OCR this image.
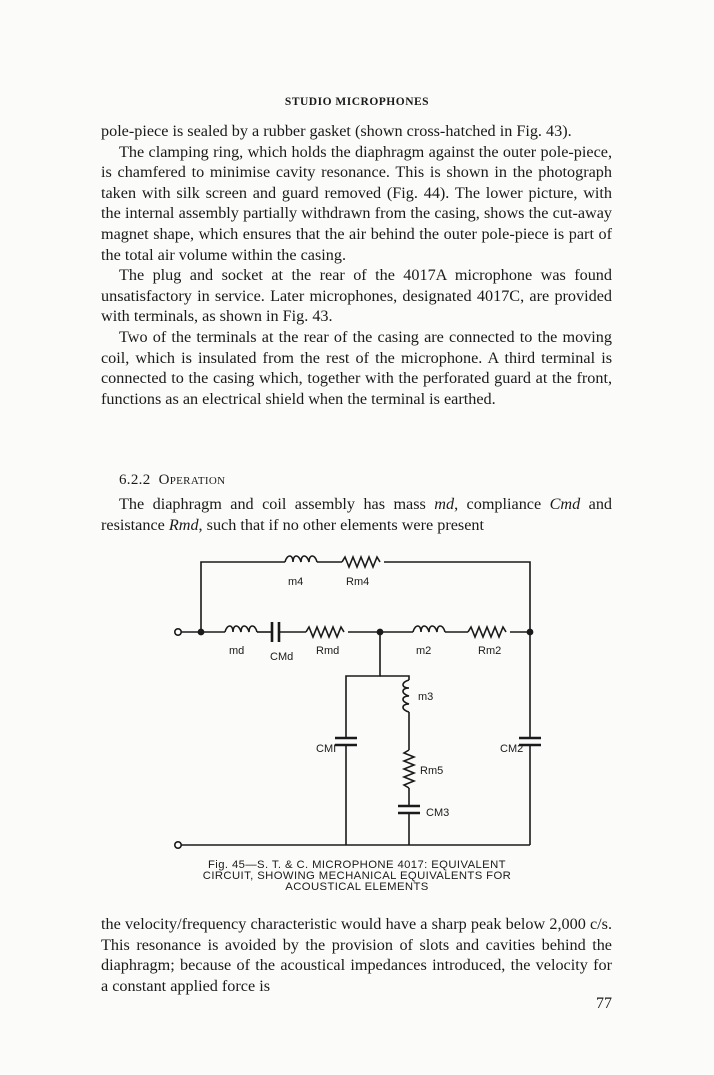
STUDIO MICROPHONES

pole-piece is sealed by a rubber gasket (shown cross-hatched in Fig. 43).

The clamping ring, which holds the diaphragm against the outer pole-piece, is chamfered to minimise cavity resonance. This is shown in the photograph taken with silk screen and guard removed (Fig. 44). The lower picture, with the internal assembly partially withdrawn from the casing, shows the cut-away magnet shape, which ensures that the air behind the outer pole-piece is part of the total air volume within the casing.

The plug and socket at the rear of the 4017A microphone was found unsatisfactory in service. Later microphones, designated 4017C, are provided with terminals, as shown in Fig. 43.

Two of the terminals at the rear of the casing are connected to the moving coil, which is insulated from the rest of the microphone. A third terminal is connected to the casing which, together with the perforated guard at the front, functions as an electrical shield when the terminal is earthed.

6.2.2 Operation

The diaphragm and coil assembly has mass md, compliance Cmd and resistance Rmd, such that if no other elements were present

m4	Rm4
md CMd Rmd	m2	Rm2
m3
Rm5
CM3
CMI	CM2
Fig. 45—S. T. & C. MICROPHONE 4017: EQUIVALENT
CIRCUIT, SHOWING MECHANICAL EQUIVALENTS FOR
ACOUSTICAL ELEMENTS

the velocity/frequency characteristic would have a sharp peak below 2,000 c/s. This resonance is avoided by the provision of slots and cavities behind the diaphragm; because of the acoustical impedances introduced, the velocity for a constant applied force is

77
